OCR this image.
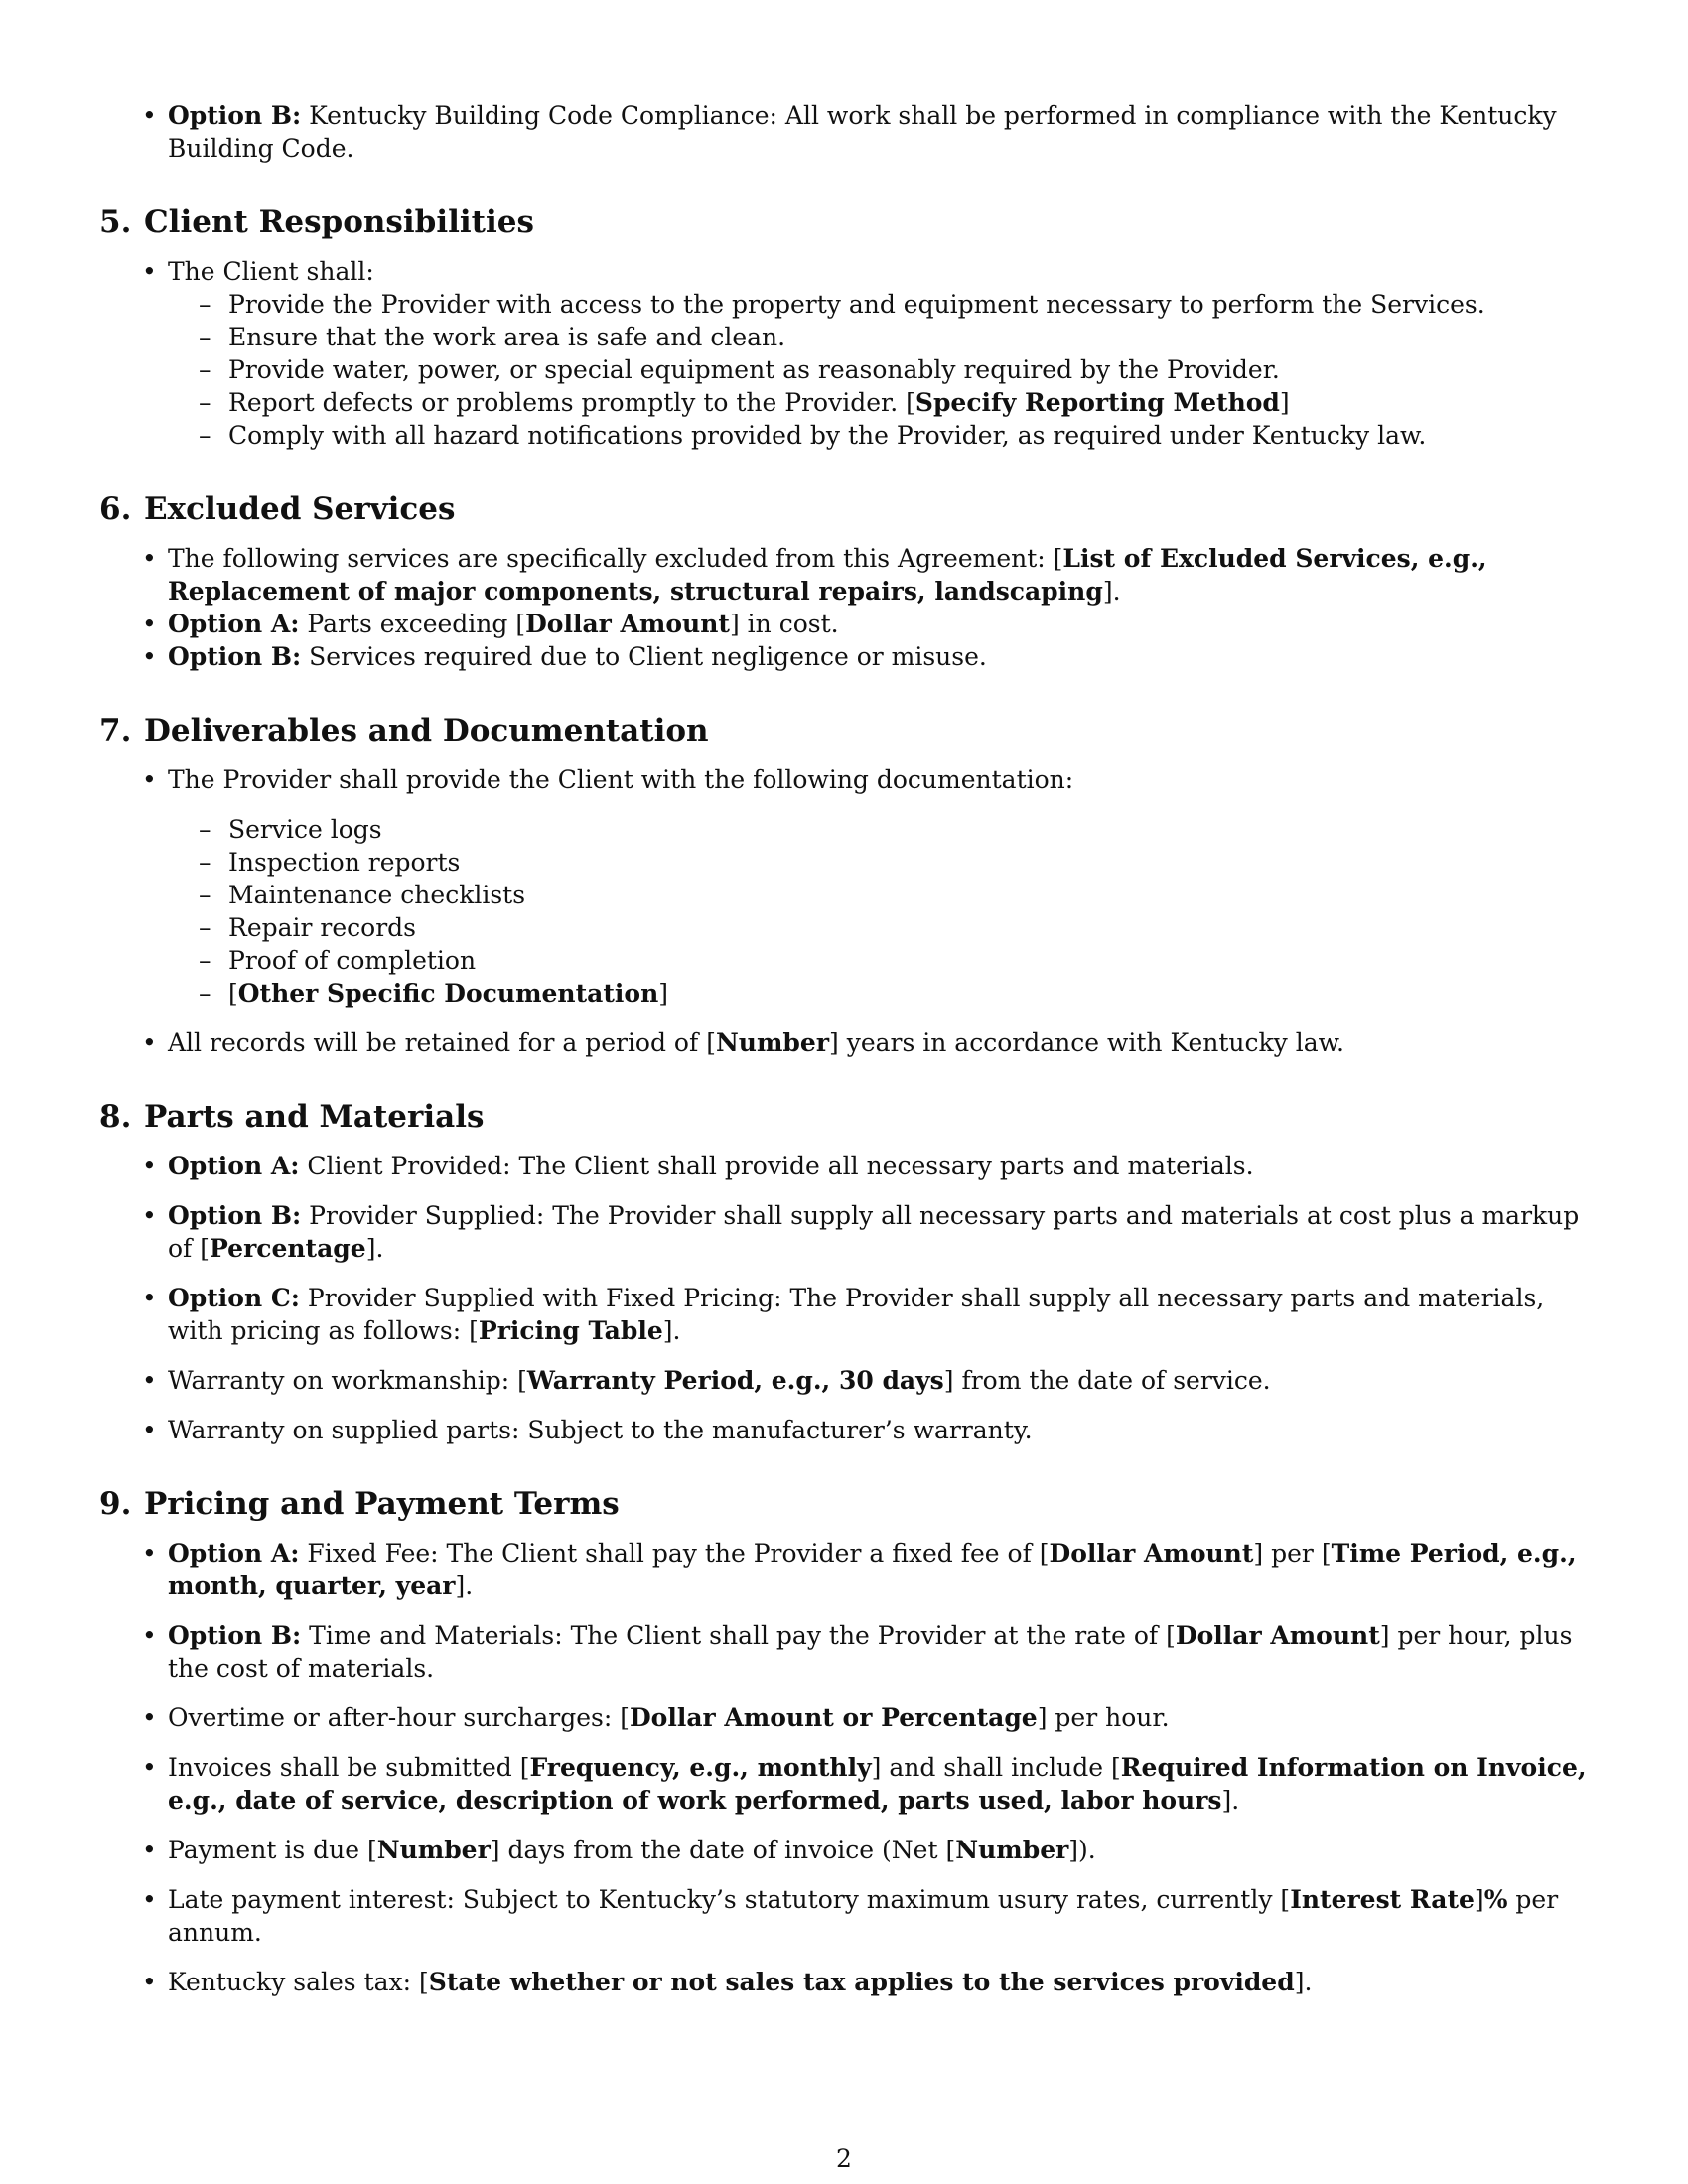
• Option B: Kentucky Building Code Compliance: All work shall be performed in compliance with the Kentucky Building Code.
5. Client Responsibilities
• The Client shall:
– Provide the Provider with access to the property and equipment necessary to perform the Services.
– Ensure that the work area is safe and clean.
– Provide water, power, or special equipment as reasonably required by the Provider.
– Report defects or problems promptly to the Provider. [Specify Reporting Method]
– Comply with all hazard notifications provided by the Provider, as required under Kentucky law.
6. Excluded Services
• The following services are specifically excluded from this Agreement: [List of Excluded Services, e.g., Replacement of major components, structural repairs, landscaping].
• Option A: Parts exceeding [Dollar Amount] in cost.
• Option B: Services required due to Client negligence or misuse.
7. Deliverables and Documentation
• The Provider shall provide the Client with the following documentation:
– Service logs
– Inspection reports
– Maintenance checklists
– Repair records
– Proof of completion
– [Other Specific Documentation]
• All records will be retained for a period of [Number] years in accordance with Kentucky law.
8. Parts and Materials
• Option A: Client Provided: The Client shall provide all necessary parts and materials.
• Option B: Provider Supplied: The Provider shall supply all necessary parts and materials at cost plus a markup of [Percentage].
• Option C: Provider Supplied with Fixed Pricing: The Provider shall supply all necessary parts and materials, with pricing as follows: [Pricing Table].
• Warranty on workmanship: [Warranty Period, e.g., 30 days] from the date of service.
• Warranty on supplied parts: Subject to the manufacturer’s warranty.
9. Pricing and Payment Terms
• Option A: Fixed Fee: The Client shall pay the Provider a fixed fee of [Dollar Amount] per [Time Period, e.g., month, quarter, year].
• Option B: Time and Materials: The Client shall pay the Provider at the rate of [Dollar Amount] per hour, plus the cost of materials.
• Overtime or after-hour surcharges: [Dollar Amount or Percentage] per hour.
• Invoices shall be submitted [Frequency, e.g., monthly] and shall include [Required Information on Invoice, e.g., date of service, description of work performed, parts used, labor hours].
• Payment is due [Number] days from the date of invoice (Net [Number]).
• Late payment interest: Subject to Kentucky’s statutory maximum usury rates, currently [Interest Rate]% per annum.
• Kentucky sales tax: [State whether or not sales tax applies to the services provided].
2
